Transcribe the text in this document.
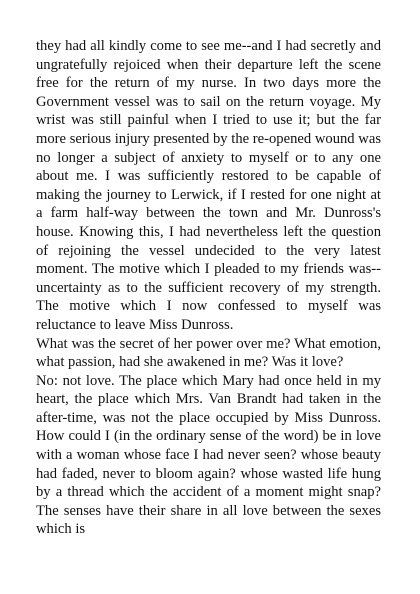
they had all kindly come to see me--and I had secretly and ungratefully rejoiced when their departure left the scene free for the return of my nurse. In two days more the Government vessel was to sail on the return voyage. My wrist was still painful when I tried to use it; but the far more serious injury presented by the re-opened wound was no longer a subject of anxiety to myself or to any one about me. I was sufficiently restored to be capable of making the journey to Lerwick, if I rested for one night at a farm half-way between the town and Mr. Dunross's house. Knowing this, I had nevertheless left the question of rejoining the vessel undecided to the very latest moment. The motive which I pleaded to my friends was--uncertainty as to the sufficient recovery of my strength. The motive which I now confessed to myself was reluctance to leave Miss Dunross.

What was the secret of her power over me? What emotion, what passion, had she awakened in me? Was it love?

No: not love. The place which Mary had once held in my heart, the place which Mrs. Van Brandt had taken in the after-time, was not the place occupied by Miss Dunross. How could I (in the ordinary sense of the word) be in love with a woman whose face I had never seen? whose beauty had faded, never to bloom again? whose wasted life hung by a thread which the accident of a moment might snap? The senses have their share in all love between the sexes which is
